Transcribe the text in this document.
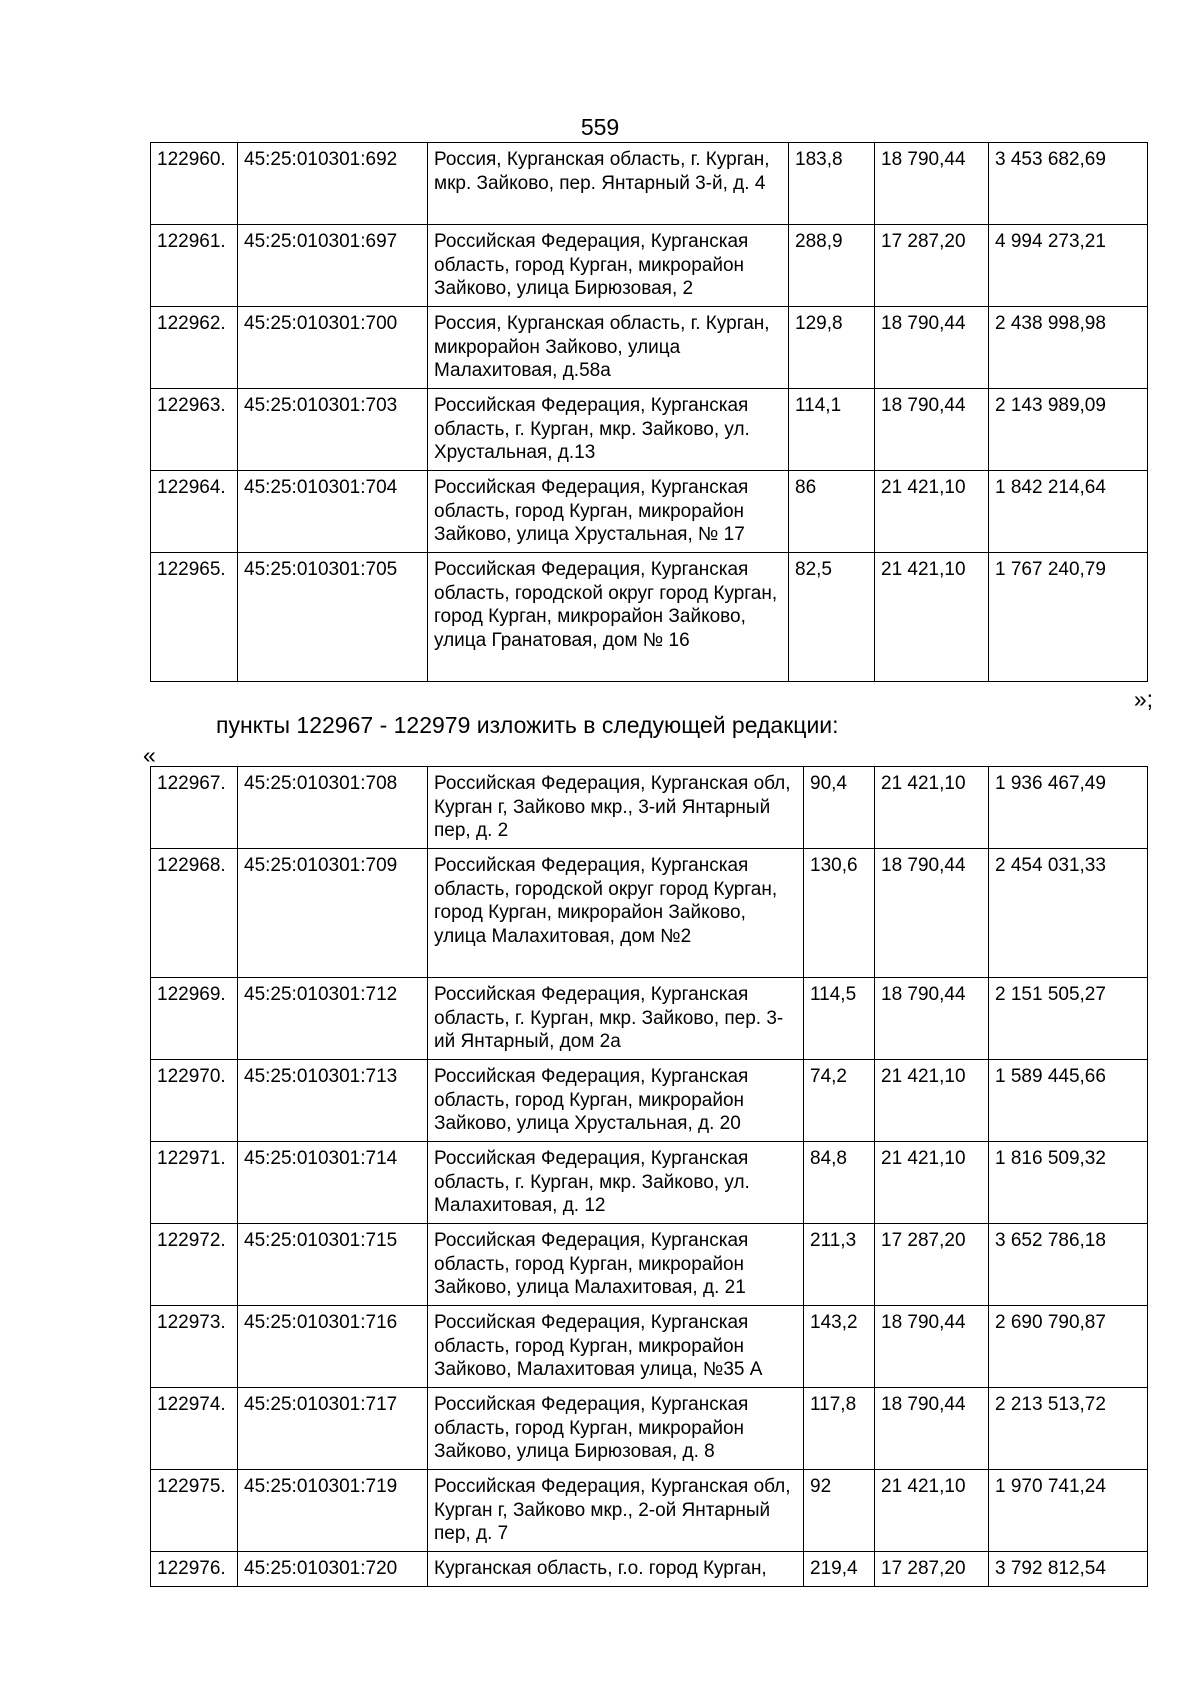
559
122960.	45:25:010301:692	Россия, Курганская область, г. Курган, мкр. Зайково, пер. Янтарный 3-й, д. 4	183,8	18 790,44	3 453 682,69
122961.	45:25:010301:697	Российская Федерация, Курганская область, город Курган, микрорайон Зайково, улица Бирюзовая, 2	288,9	17 287,20	4 994 273,21
122962.	45:25:010301:700	Россия, Курганская область, г. Курган, микрорайон Зайково, улица Малахитовая, д.58а	129,8	18 790,44	2 438 998,98
122963.	45:25:010301:703	Российская Федерация, Курганская область, г. Курган, мкр. Зайково, ул. Хрустальная, д.13	114,1	18 790,44	2 143 989,09
122964.	45:25:010301:704	Российская Федерация, Курганская область, город Курган, микрорайон Зайково, улица Хрустальная, № 17	86	21 421,10	1 842 214,64
122965.	45:25:010301:705	Российская Федерация, Курганская область, городской округ город Курган, город Курган, микрорайон Зайково, улица Гранатовая, дом № 16	82,5	21 421,10	1 767 240,79
»;
пункты 122967 - 122979 изложить в следующей редакции:
«
122967.	45:25:010301:708	Российская Федерация, Курганская обл, Курган г, Зайково мкр., 3-ий Янтарный пер, д. 2	90,4	21 421,10	1 936 467,49
122968.	45:25:010301:709	Российская Федерация, Курганская область, городской округ город Курган, город Курган, микрорайон Зайково, улица Малахитовая, дом №2	130,6	18 790,44	2 454 031,33
122969.	45:25:010301:712	Российская Федерация, Курганская область, г. Курган, мкр. Зайково, пер. 3-ий Янтарный, дом 2а	114,5	18 790,44	2 151 505,27
122970.	45:25:010301:713	Российская Федерация, Курганская область, город Курган, микрорайон Зайково, улица Хрустальная, д. 20	74,2	21 421,10	1 589 445,66
122971.	45:25:010301:714	Российская Федерация, Курганская область, г. Курган, мкр. Зайково, ул. Малахитовая, д. 12	84,8	21 421,10	1 816 509,32
122972.	45:25:010301:715	Российская Федерация, Курганская область, город Курган, микрорайон Зайково, улица Малахитовая, д. 21	211,3	17 287,20	3 652 786,18
122973.	45:25:010301:716	Российская Федерация, Курганская область, город Курган, микрорайон Зайково, Малахитовая улица, №35 А	143,2	18 790,44	2 690 790,87
122974.	45:25:010301:717	Российская Федерация, Курганская область, город Курган, микрорайон Зайково, улица Бирюзовая, д. 8	117,8	18 790,44	2 213 513,72
122975.	45:25:010301:719	Российская Федерация, Курганская обл, Курган г, Зайково мкр., 2-ой Янтарный пер, д. 7	92	21 421,10	1 970 741,24
122976.	45:25:010301:720	Курганская область, г.о. город Курган,	219,4	17 287,20	3 792 812,54
